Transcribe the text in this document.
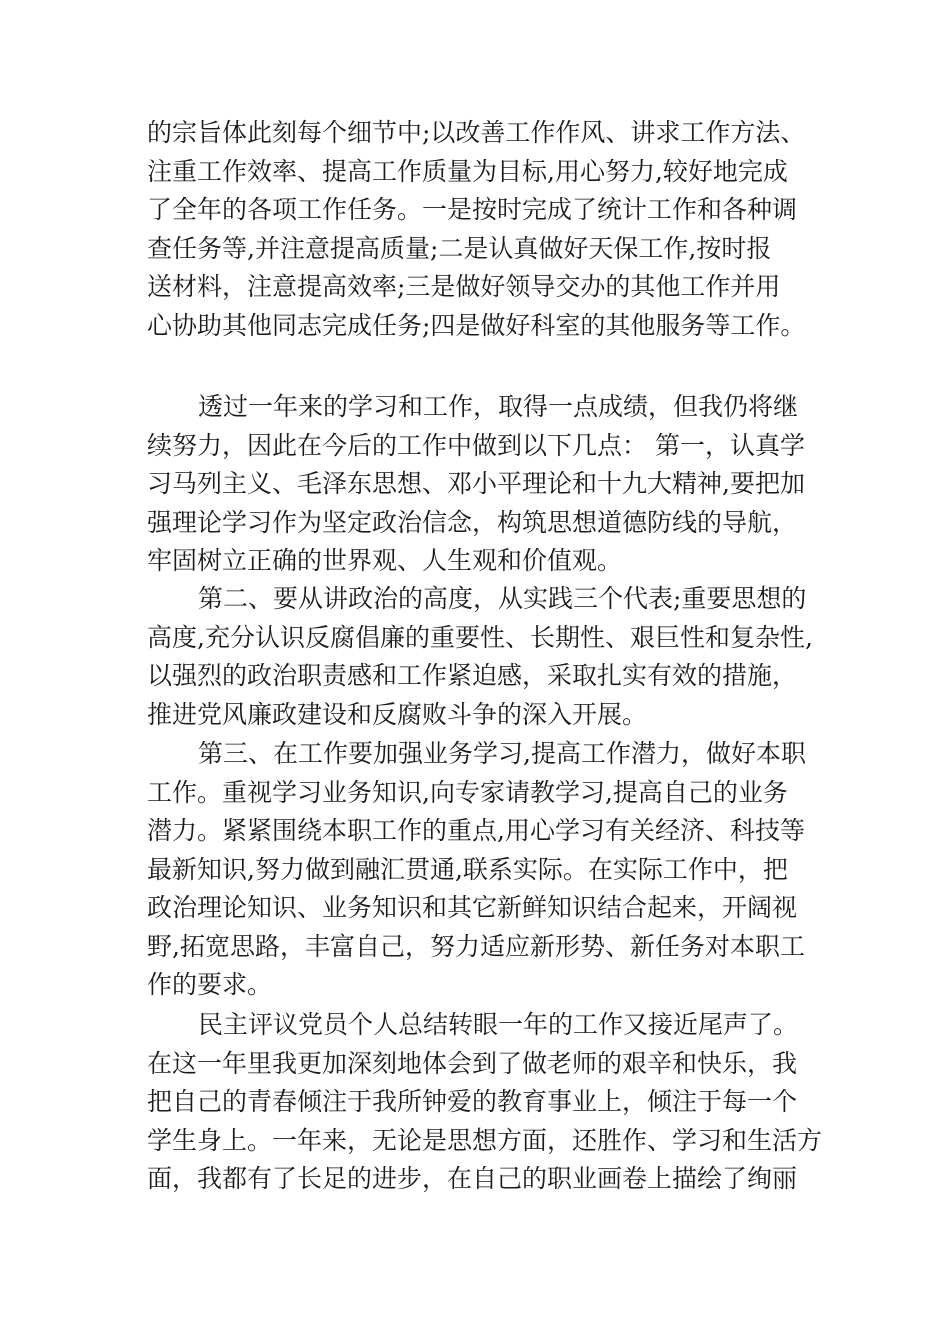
的宗旨体此刻每个细节中;以改善工作作风、讲求工作方法、
注重工作效率、提高工作质量为目标,用心努力,较好地完成
了全年的各项工作任务。一是按时完成了统计工作和各种调
查任务等,并注意提高质量;二是认真做好天保工作,按时报
送材料，注意提高效率;三是做好领导交办的其他工作并用
心协助其他同志完成任务;四是做好科室的其他服务等工作。
透过一年来的学习和工作，取得一点成绩，但我仍将继
续努力，因此在今后的工作中做到以下几点： 第一，认真学
习马列主义、毛泽东思想、邓小平理论和十九大精神,要把加
强理论学习作为坚定政治信念，构筑思想道德防线的导航，
牢固树立正确的世界观、人生观和价值观。
第二、要从讲政治的高度，从实践三个代表;重要思想的
高度,充分认识反腐倡廉的重要性、长期性、艰巨性和复杂性,
以强烈的政治职责感和工作紧迫感，采取扎实有效的措施，
推进党风廉政建设和反腐败斗争的深入开展。
第三、在工作要加强业务学习,提高工作潜力，做好本职
工作。重视学习业务知识,向专家请教学习,提高自己的业务
潜力。紧紧围绕本职工作的重点,用心学习有关经济、科技等
最新知识,努力做到融汇贯通,联系实际。在实际工作中，把
政治理论知识、业务知识和其它新鲜知识结合起来，开阔视
野,拓宽思路，丰富自己，努力适应新形势、新任务对本职工
作的要求。
民主评议党员个人总结转眼一年的工作又接近尾声了。
在这一年里我更加深刻地体会到了做老师的艰辛和快乐，我
把自己的青春倾注于我所钟爱的教育事业上，倾注于每一个
学生身上。一年来，无论是思想方面，还胜作、学习和生活方
面，我都有了长足的进步，在自己的职业画卷上描绘了绚丽
